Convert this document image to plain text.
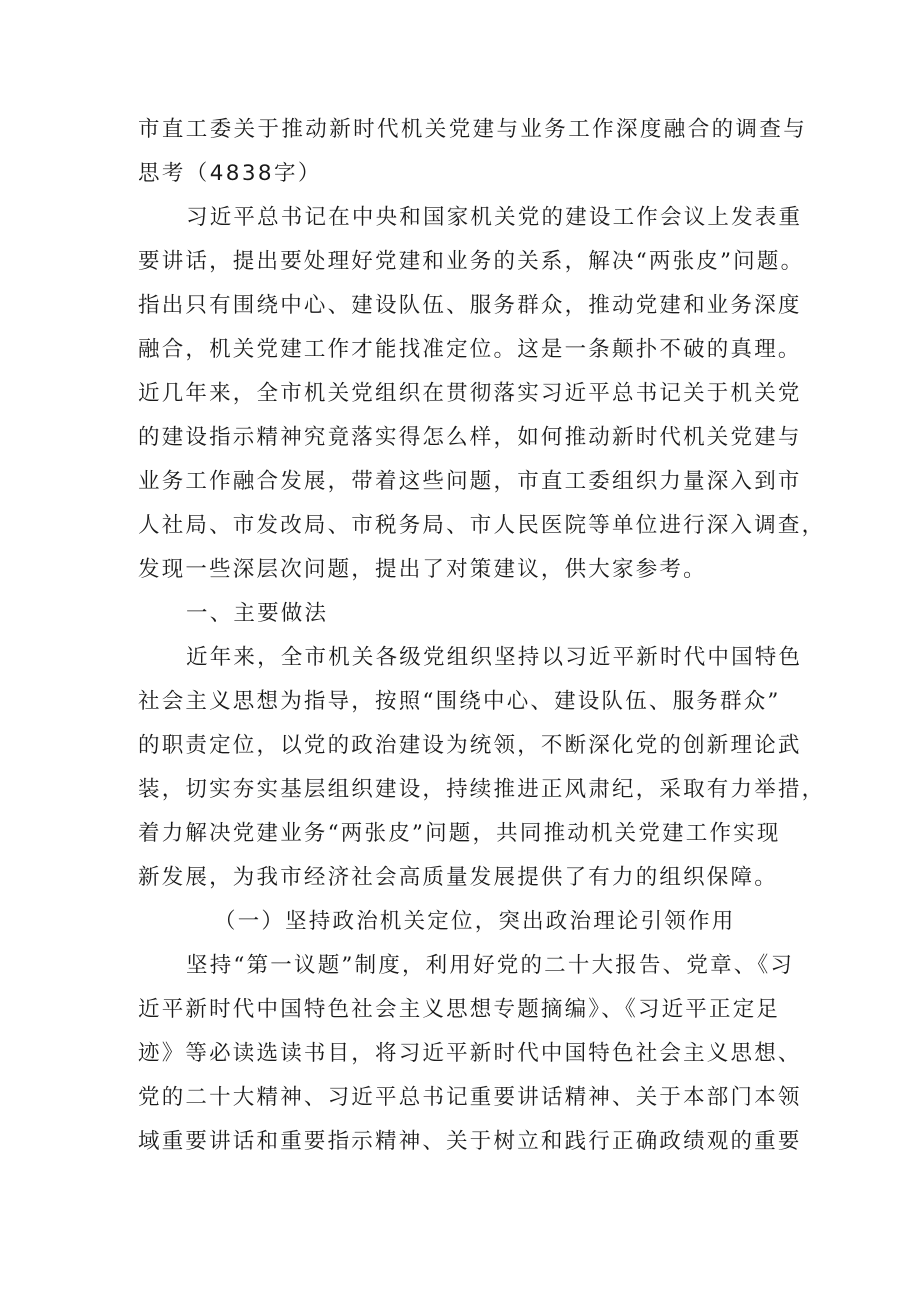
市直工委关于推动新时代机关党建与业务工作深度融合的调查与
思考（4838字）
习近平总书记在中央和国家机关党的建设工作会议上发表重
要讲话，提出要处理好党建和业务的关系，解决“两张皮”问题。
指出只有围绕中心、建设队伍、服务群众，推动党建和业务深度
融合，机关党建工作才能找准定位。这是一条颠扑不破的真理。
近几年来，全市机关党组织在贯彻落实习近平总书记关于机关党
的建设指示精神究竟落实得怎么样，如何推动新时代机关党建与
业务工作融合发展，带着这些问题，市直工委组织力量深入到市
人社局、市发改局、市税务局、市人民医院等单位进行深入调查，
发现一些深层次问题，提出了对策建议，供大家参考。
一、主要做法
近年来，全市机关各级党组织坚持以习近平新时代中国特色
社会主义思想为指导，按照“围绕中心、建设队伍、服务群众”
的职责定位，以党的政治建设为统领，不断深化党的创新理论武
装，切实夯实基层组织建设，持续推进正风肃纪，采取有力举措，
着力解决党建业务“两张皮”问题，共同推动机关党建工作实现
新发展，为我市经济社会高质量发展提供了有力的组织保障。
（一）坚持政治机关定位，突出政治理论引领作用
坚持“第一议题”制度，利用好党的二十大报告、党章、《习
近平新时代中国特色社会主义思想专题摘编》、《习近平正定足
迹》等必读选读书目，将习近平新时代中国特色社会主义思想、
党的二十大精神、习近平总书记重要讲话精神、关于本部门本领
域重要讲话和重要指示精神、关于树立和践行正确政绩观的重要
